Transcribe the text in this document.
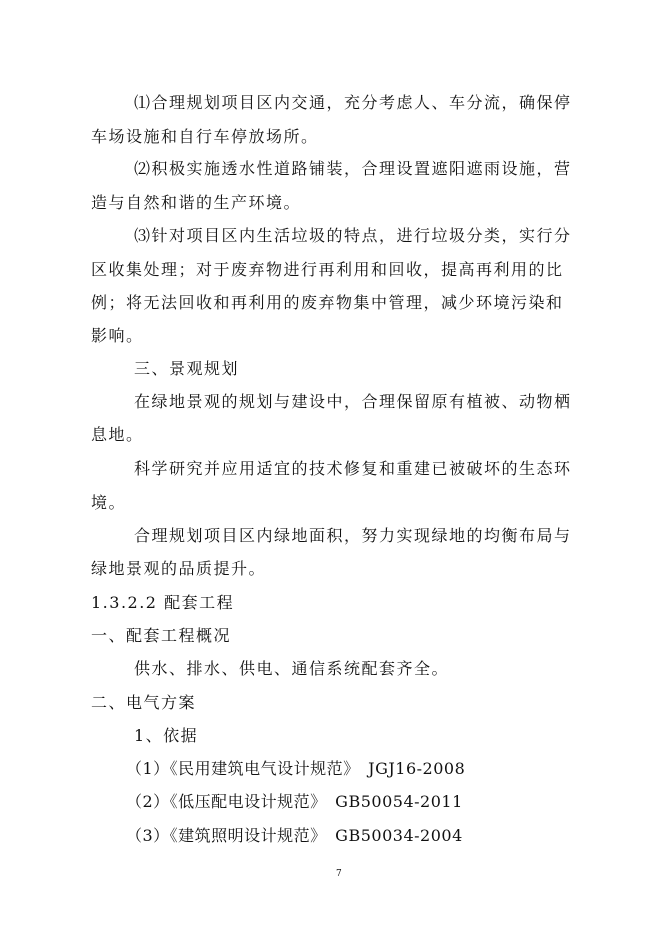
⑴合理规划项目区内交通，充分考虑人、车分流，确保停
车场设施和自行车停放场所。
⑵积极实施透水性道路铺装，合理设置遮阳遮雨设施，营
造与自然和谐的生产环境。
⑶针对项目区内生活垃圾的特点，进行垃圾分类，实行分
区收集处理；对于废弃物进行再利用和回收，提高再利用的比
例；将无法回收和再利用的废弃物集中管理，减少环境污染和
影响。
三、景观规划
在绿地景观的规划与建设中，合理保留原有植被、动物栖
息地。
科学研究并应用适宜的技术修复和重建已被破坏的生态环
境。
合理规划项目区内绿地面积，努力实现绿地的均衡布局与
绿地景观的品质提升。
1.3.2.2 配套工程
一、配套工程概况
供水、排水、供电、通信系统配套齐全。
二、电气方案
1、依据
（1）《民用建筑电气设计规范》　JGJ16-2008
（2）《低压配电设计规范》　GB50054-2011
（3）《建筑照明设计规范》　GB50034-2004
7
